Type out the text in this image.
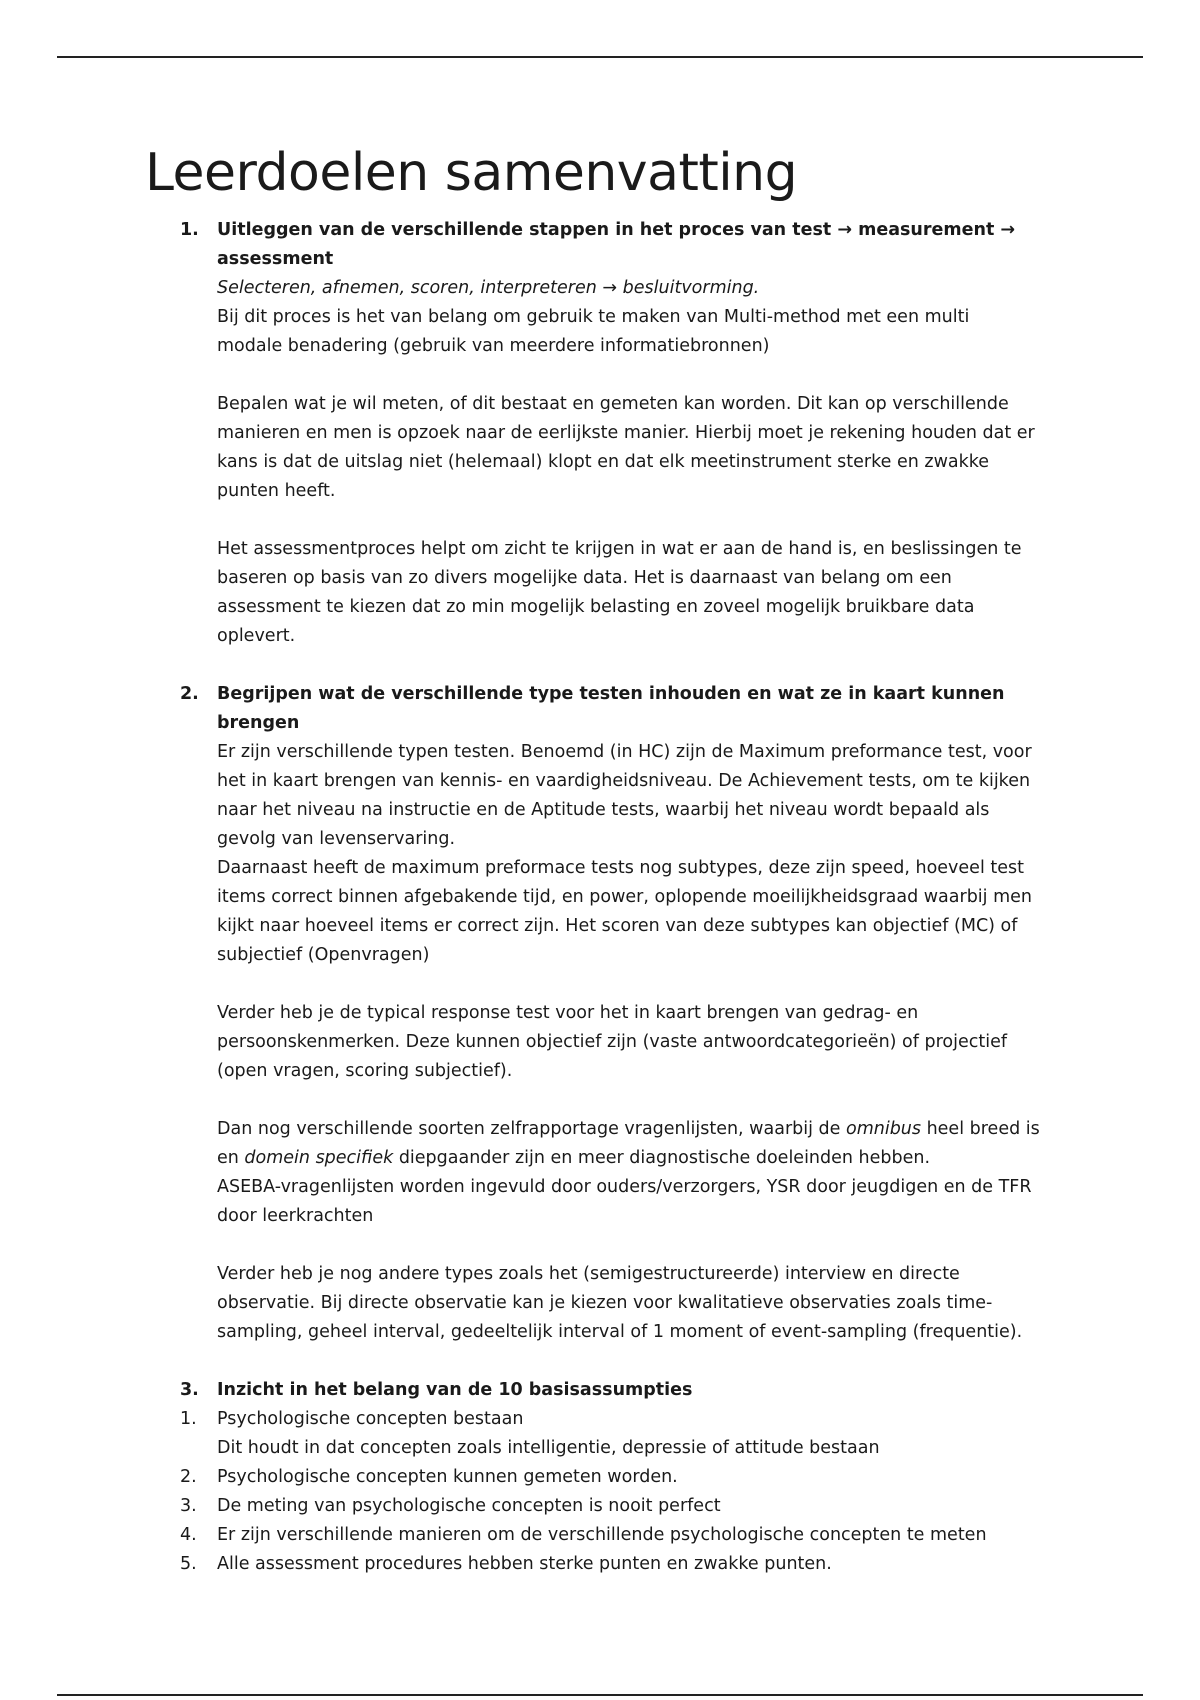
Leerdoelen samenvatting
1. Uitleggen van de verschillende stappen in het proces van test → measurement →
assessment
Selecteren, afnemen, scoren, interpreteren → besluitvorming.
Bij dit proces is het van belang om gebruik te maken van Multi-method met een multi
modale benadering (gebruik van meerdere informatiebronnen)
Bepalen wat je wil meten, of dit bestaat en gemeten kan worden. Dit kan op verschillende
manieren en men is opzoek naar de eerlijkste manier. Hierbij moet je rekening houden dat er
kans is dat de uitslag niet (helemaal) klopt en dat elk meetinstrument sterke en zwakke
punten heeft.
Het assessmentproces helpt om zicht te krijgen in wat er aan de hand is, en beslissingen te
baseren op basis van zo divers mogelijke data. Het is daarnaast van belang om een
assessment te kiezen dat zo min mogelijk belasting en zoveel mogelijk bruikbare data
oplevert.
2. Begrijpen wat de verschillende type testen inhouden en wat ze in kaart kunnen brengen
Er zijn verschillende typen testen. Benoemd (in HC) zijn de Maximum preformance test, voor
het in kaart brengen van kennis- en vaardigheidsniveau. De Achievement tests, om te kijken
naar het niveau na instructie en de Aptitude tests, waarbij het niveau wordt bepaald als
gevolg van levenservaring.
Daarnaast heeft de maximum preformace tests nog subtypes, deze zijn speed, hoeveel test
items correct binnen afgebakende tijd, en power, oplopende moeilijkheidsgraad waarbij men
kijkt naar hoeveel items er correct zijn. Het scoren van deze subtypes kan objectief (MC) of
subjectief (Openvragen)
Verder heb je de typical response test voor het in kaart brengen van gedrag- en
persoonskenmerken. Deze kunnen objectief zijn (vaste antwoordcategorieën) of projectief
(open vragen, scoring subjectief).
Dan nog verschillende soorten zelfrapportage vragenlijsten, waarbij de omnibus heel breed is
en domein specifiek diepgaander zijn en meer diagnostische doeleinden hebben.
ASEBA-vragenlijsten worden ingevuld door ouders/verzorgers, YSR door jeugdigen en de TFR
door leerkrachten
Verder heb je nog andere types zoals het (semigestructureerde) interview en directe
observatie. Bij directe observatie kan je kiezen voor kwalitatieve observaties zoals time-
sampling, geheel interval, gedeeltelijk interval of 1 moment of event-sampling (frequentie).
3. Inzicht in het belang van de 10 basisassumpties
1. Psychologische concepten bestaan
Dit houdt in dat concepten zoals intelligentie, depressie of attitude bestaan
2. Psychologische concepten kunnen gemeten worden.
3. De meting van psychologische concepten is nooit perfect
4. Er zijn verschillende manieren om de verschillende psychologische concepten te meten
5. Alle assessment procedures hebben sterke punten en zwakke punten.
